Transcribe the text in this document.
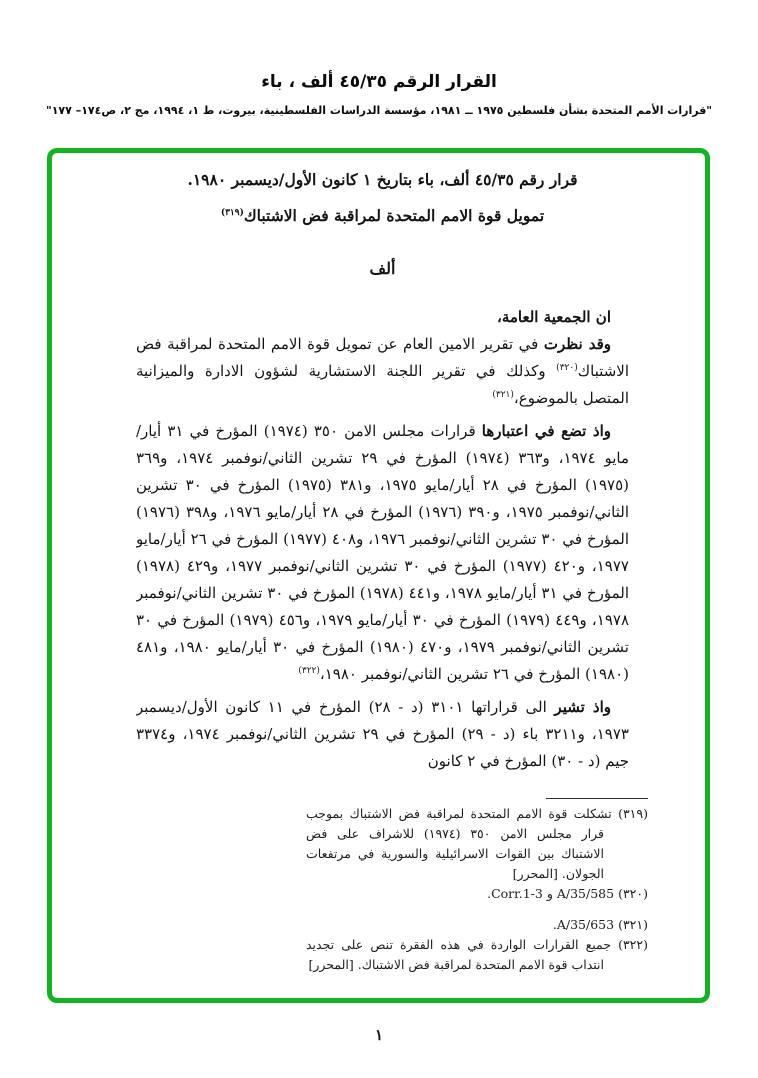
القرار الرقم ٤٥/٣٥ ألف ، باء
"قرارات الأمم المتحدة بشأن فلسطين ١٩٧٥ ــ ١٩٨١، مؤسسة الدراسات الفلسطينية، بيروت، ط ١، ١٩٩٤، مج ٢، ص١٧٤– ١٧٧"

قرار رقم ٤٥/٣٥ ألف، باء بتاريخ ١ كانون الأول/ديسمبر ١٩٨٠.

تمويل قوة الامم المتحدة لمراقبة فض الاشتباك$^{(٣١٩)}$

ألف

ان الجمعية العامة،

وقد نظرت في تقرير الامين العام عن تمويل قوة الامم المتحدة لمراقبة فض الاشتباك$^{(٣٢٠)}$ وكذلك في تقرير اللجنة الاستشارية لشؤون الادارة والميزانية المتصل بالموضوع،$^{(٣٢١)}$

واذ تضع في اعتبارها قرارات مجلس الامن ٣٥٠ (١٩٧٤) المؤرخ في ٣١ أيار/مايو ١٩٧٤، و٣٦٣ (١٩٧٤) المؤرخ في ٢٩ تشرين الثاني/نوفمبر ١٩٧٤، و٣٦٩ (١٩٧٥) المؤرخ في ٢٨ أيار/مايو ١٩٧٥، و٣٨١ (١٩٧٥) المؤرخ في ٣٠ تشرين الثاني/نوفمبر ١٩٧٥، و٣٩٠ (١٩٧٦) المؤرخ في ٢٨ أيار/مايو ١٩٧٦، و٣٩٨ (١٩٧٦) المؤرخ في ٣٠ تشرين الثاني/نوفمبر ١٩٧٦، و٤٠٨ (١٩٧٧) المؤرخ في ٢٦ أيار/مايو ١٩٧٧، و٤٢٠ (١٩٧٧) المؤرخ في ٣٠ تشرين الثاني/نوفمبر ١٩٧٧، و٤٢٩ (١٩٧٨) المؤرخ في ٣١ أيار/مايو ١٩٧٨، و٤٤١ (١٩٧٨) المؤرخ في ٣٠ تشرين الثاني/نوفمبر ١٩٧٨، و٤٤٩ (١٩٧٩) المؤرخ في ٣٠ أيار/مايو ١٩٧٩، و٤٥٦ (١٩٧٩) المؤرخ في ٣٠ تشرين الثاني/نوفمبر ١٩٧٩، و٤٧٠ (١٩٨٠) المؤرخ في ٣٠ أيار/مايو ١٩٨٠، و٤٨١ (١٩٨٠) المؤرخ في ٢٦ تشرين الثاني/نوفمبر ١٩٨٠،$^{(٣٢٢)}$

واذ تشير الى قراراتها ٣١٠١ (د - ٢٨) المؤرخ في ١١ كانون الأول/ديسمبر ١٩٧٣، و٣٢١١ باء (د - ٢٩) المؤرخ في ٢٩ تشرين الثاني/نوفمبر ١٩٧٤، و٣٣٧٤ جيم (د - ٣٠) المؤرخ في ٢ كانون

(٣١٩) تشكلت قوة الامم المتحدة لمراقبة فض الاشتباك بموجب قرار مجلس الامن ٣٥٠ (١٩٧٤) للاشراف على فض الاشتباك بين القوات الاسرائيلية والسورية في مرتفعات الجولان. [المحرر]
(٣٢٠) A/35/585 و Corr.1-3.
(٣٢١) A/35/653.
(٣٢٢) جميع القرارات الواردة في هذه الفقرة تنص على تجديد انتداب قوة الامم المتحدة لمراقبة فض الاشتباك. [المحرر]
١
